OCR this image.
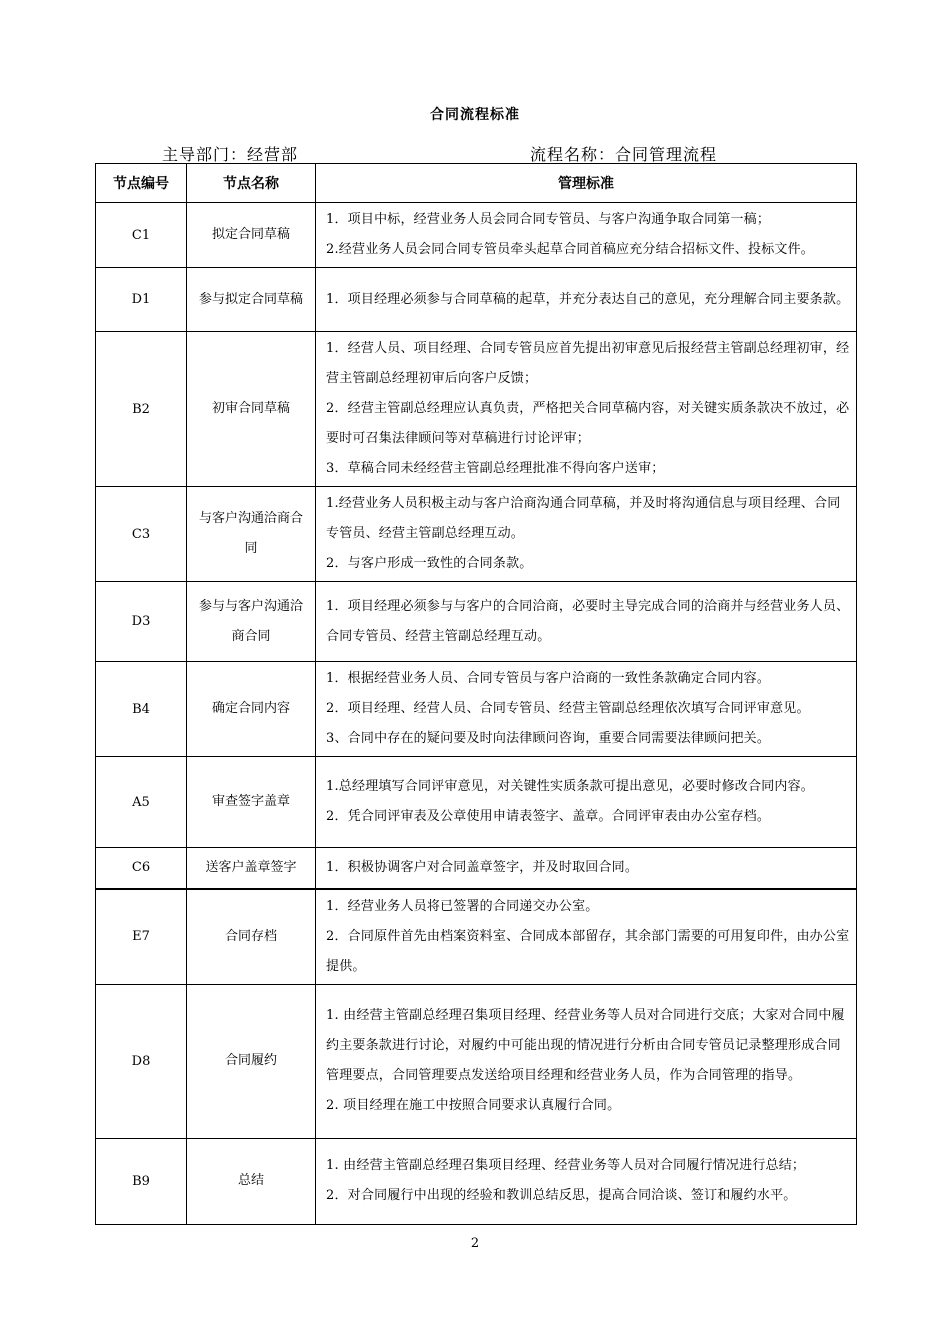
合同流程标准
主导部门：经营部	流程名称：合同管理流程
节点编号	节点名称	管理标准
C1	拟定合同草稿	1．项目中标，经营业务人员会同合同专管员、与客户沟通争取合同第一稿；
2.经营业务人员会同合同专管员牵头起草合同首稿应充分结合招标文件、投标文件。

D1	参与拟定合同草稿	1．项目经理必须参与合同草稿的起草，并充分表达自己的意见，充分理解合同主要条款。

B2	初审合同草稿	1．经营人员、项目经理、合同专管员应首先提出初审意见后报经营主管副总经理初审，经营主管副总经理初审后向客户反馈；
2．经营主管副总经理应认真负责，严格把关合同草稿内容，对关键实质条款决不放过，必要时可召集法律顾问等对草稿进行讨论评审；
3．草稿合同未经经营主管副总经理批准不得向客户送审；

C3	与客户沟通洽商合同	1.经营业务人员积极主动与客户洽商沟通合同草稿，并及时将沟通信息与项目经理、合同专管员、经营主管副总经理互动。
2．与客户形成一致性的合同条款。

D3	参与与客户沟通洽商合同	1．项目经理必须参与与客户的合同洽商，必要时主导完成合同的洽商并与经营业务人员、合同专管员、经营主管副总经理互动。

B4	确定合同内容	1．根据经营业务人员、合同专管员与客户洽商的一致性条款确定合同内容。
2．项目经理、经营人员、合同专管员、经营主管副总经理依次填写合同评审意见。
3、合同中存在的疑问要及时向法律顾问咨询，重要合同需要法律顾问把关。

A5	审查签字盖章	1.总经理填写合同评审意见，对关键性实质条款可提出意见，必要时修改合同内容。
2．凭合同评审表及公章使用申请表签字、盖章。合同评审表由办公室存档。

C6	送客户盖章签字	1．积极协调客户对合同盖章签字，并及时取回合同。

E7	合同存档	1．经营业务人员将已签署的合同递交办公室。
2．合同原件首先由档案资料室、合同成本部留存，其余部门需要的可用复印件，由办公室提供。

D8	合同履约	1. 由经营主管副总经理召集项目经理、经营业务等人员对合同进行交底；大家对合同中履约主要条款进行讨论，对履约中可能出现的情况进行分析由合同专管员记录整理形成合同管理要点，合同管理要点发送给项目经理和经营业务人员，作为合同管理的指导。
2. 项目经理在施工中按照合同要求认真履行合同。

B9	总结	1. 由经营主管副总经理召集项目经理、经营业务等人员对合同履行情况进行总结；
2．对合同履行中出现的经验和教训总结反思，提高合同洽谈、签订和履约水平。
2
